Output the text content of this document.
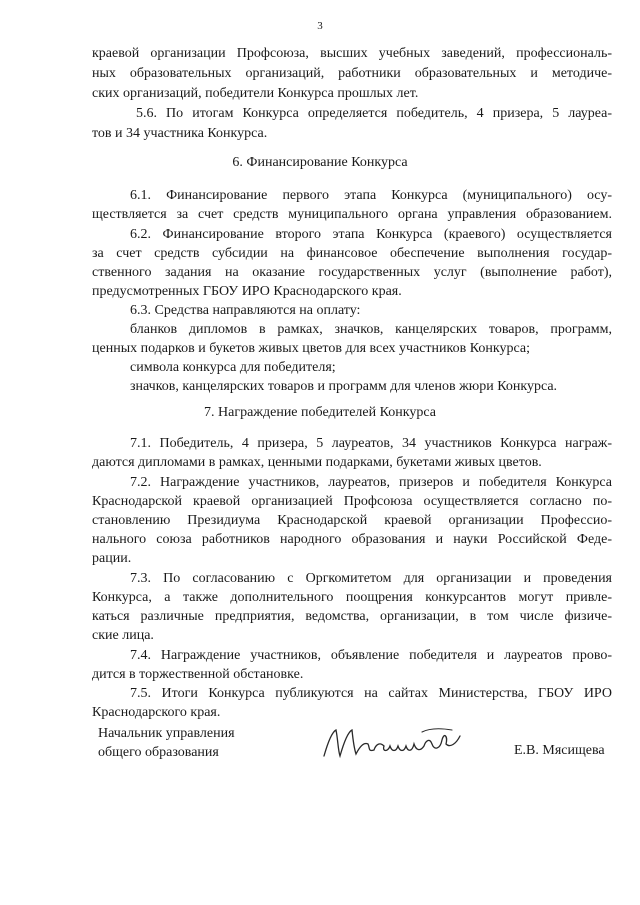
3
краевой организации Профсоюза, высших учебных заведений, профессиональ-
ных образовательных организаций, работники образовательных и методиче-
ских организаций, победители Конкурса прошлых лет.
5.6. По итогам Конкурса определяется победитель, 4 призера, 5 лауреа-
тов и 34 участника Конкурса.
6. Финансирование Конкурса
6.1. Финансирование первого этапа Конкурса (муниципального) осу-
ществляется за счет средств муниципального органа управления образованием.
6.2. Финансирование второго этапа Конкурса (краевого) осуществляется
за счет средств субсидии на финансовое обеспечение выполнения государ-
ственного задания на оказание государственных услуг (выполнение работ),
предусмотренных ГБОУ ИРО Краснодарского края.
6.3. Средства направляются на оплату:
бланков дипломов в рамках, значков, канцелярских товаров, программ,
ценных подарков и букетов живых цветов для всех участников Конкурса;
символа конкурса для победителя;
значков, канцелярских товаров и программ для членов жюри Конкурса.
7. Награждение победителей Конкурса
7.1. Победитель, 4 призера, 5 лауреатов, 34 участников Конкурса награж-
даются дипломами в рамках, ценными подарками, букетами живых цветов.
7.2. Награждение участников, лауреатов, призеров и победителя Конкурса
Краснодарской краевой организацией Профсоюза осуществляется согласно по-
становлению Президиума Краснодарской краевой организации Профессио-
нального союза работников народного образования и науки Российской Феде-
рации.
7.3. По согласованию с Оргкомитетом для организации и проведения
Конкурса, а также дополнительного поощрения конкурсантов могут привле-
каться различные предприятия, ведомства, организации, в том числе физиче-
ские лица.
7.4. Награждение участников, объявление победителя и лауреатов прово-
дится в торжественной обстановке.
7.5. Итоги Конкурса публикуются на сайтах Министерства, ГБОУ ИРО
Краснодарского края.
Начальник управления
общего образования	Е.В. Мясищева
